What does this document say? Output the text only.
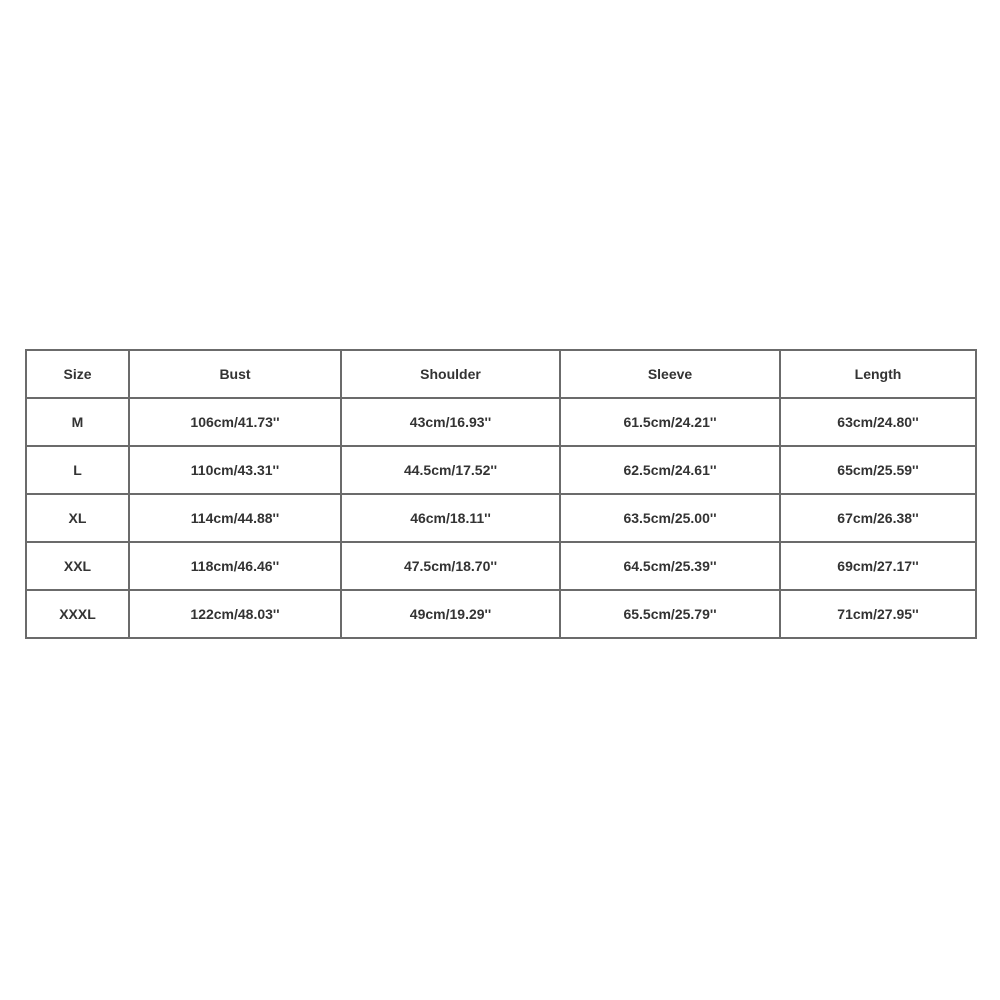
Size	Bust	Shoulder	Sleeve	Length
M	106cm/41.73''	43cm/16.93''	61.5cm/24.21''	63cm/24.80''
L	110cm/43.31''	44.5cm/17.52''	62.5cm/24.61''	65cm/25.59''
XL	114cm/44.88''	46cm/18.11''	63.5cm/25.00''	67cm/26.38''
XXL	118cm/46.46''	47.5cm/18.70''	64.5cm/25.39''	69cm/27.17''
XXXL	122cm/48.03''	49cm/19.29''	65.5cm/25.79''	71cm/27.95''
